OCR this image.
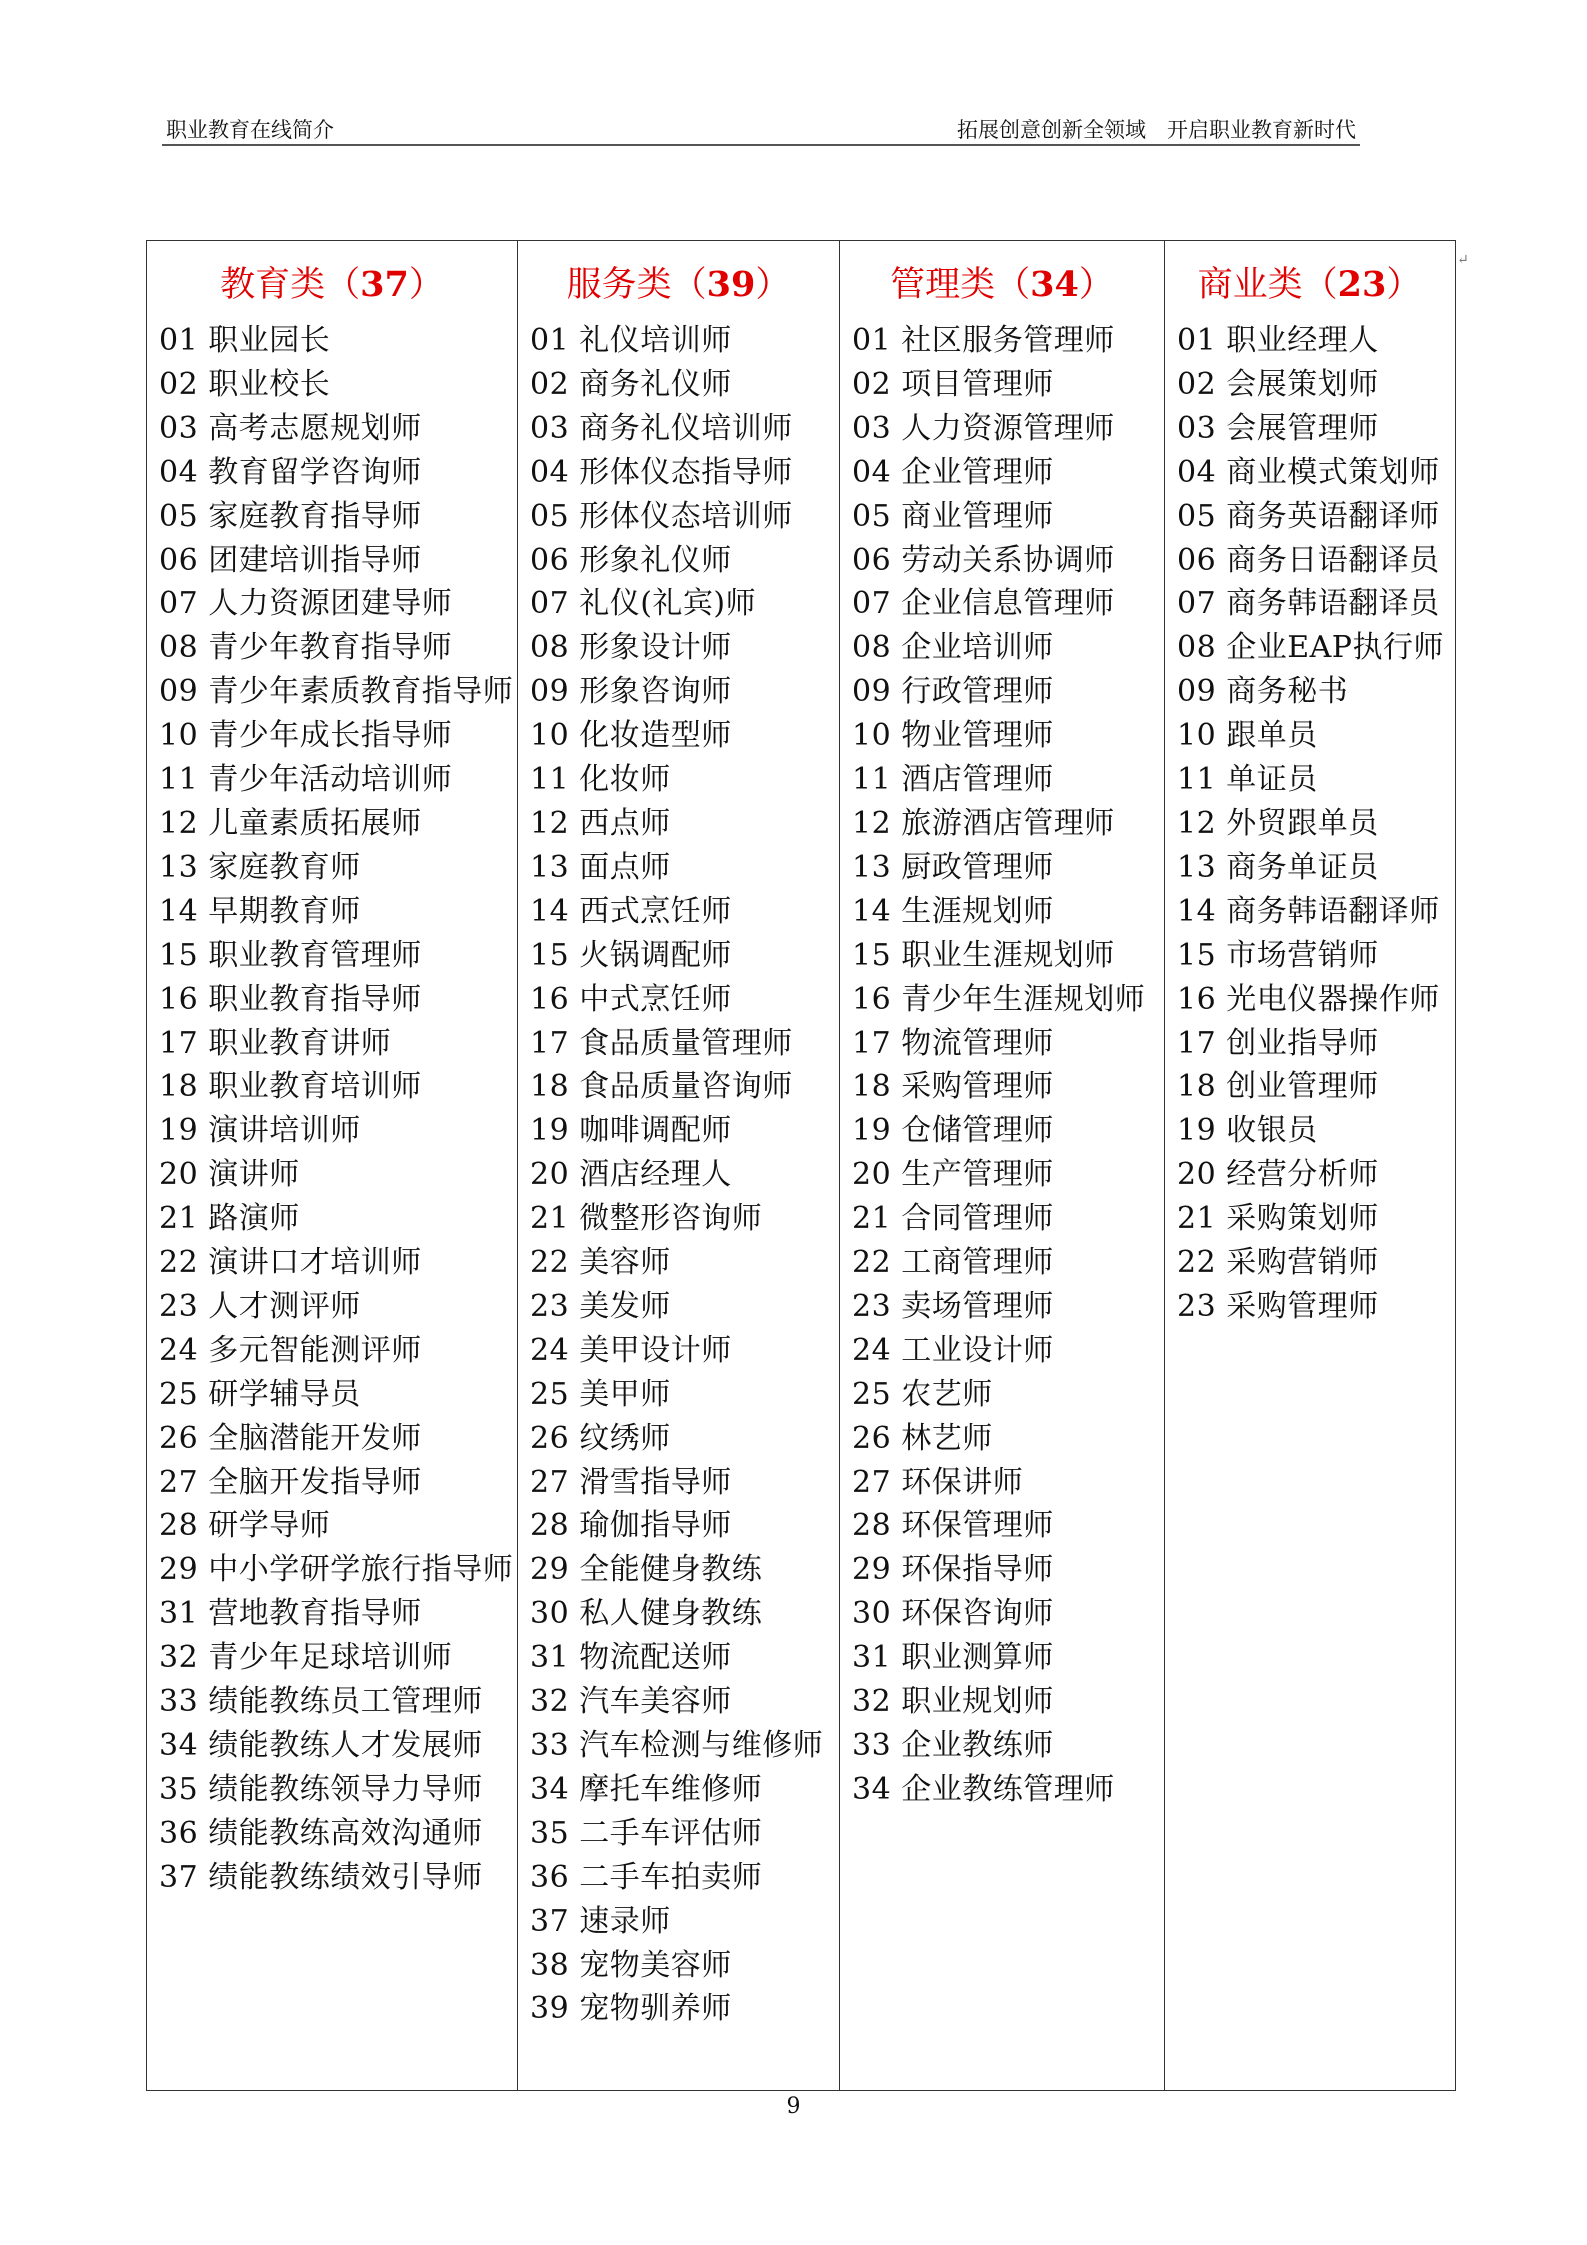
职业教育在线简介	拓展创意创新全领域　开启职业教育新时代
教育类（37）
01 职业园长
02 职业校长
03 高考志愿规划师
04 教育留学咨询师
05 家庭教育指导师
06 团建培训指导师
07 人力资源团建导师
08 青少年教育指导师
09 青少年素质教育指导师
10 青少年成长指导师
11 青少年活动培训师
12 儿童素质拓展师
13 家庭教育师
14 早期教育师
15 职业教育管理师
16 职业教育指导师
17 职业教育讲师
18 职业教育培训师
19 演讲培训师
20 演讲师
21 路演师
22 演讲口才培训师
23 人才测评师
24 多元智能测评师
25 研学辅导员
26 全脑潜能开发师
27 全脑开发指导师
28 研学导师
29 中小学研学旅行指导师
31 营地教育指导师
32 青少年足球培训师
33 绩能教练员工管理师
34 绩能教练人才发展师
35 绩能教练领导力导师
36 绩能教练高效沟通师
37 绩能教练绩效引导师
服务类（39）
01 礼仪培训师
02 商务礼仪师
03 商务礼仪培训师
04 形体仪态指导师
05 形体仪态培训师
06 形象礼仪师
07 礼仪(礼宾)师
08 形象设计师
09 形象咨询师
10 化妆造型师
11 化妆师
12 西点师
13 面点师
14 西式烹饪师
15 火锅调配师
16 中式烹饪师
17 食品质量管理师
18 食品质量咨询师
19 咖啡调配师
20 酒店经理人
21 微整形咨询师
22 美容师
23 美发师
24 美甲设计师
25 美甲师
26 纹绣师
27 滑雪指导师
28 瑜伽指导师
29 全能健身教练
30 私人健身教练
31 物流配送师
32 汽车美容师
33 汽车检测与维修师
34 摩托车维修师
35 二手车评估师
36 二手车拍卖师
37 速录师
38 宠物美容师
39 宠物驯养师
管理类（34）
01 社区服务管理师
02 项目管理师
03 人力资源管理师
04 企业管理师
05 商业管理师
06 劳动关系协调师
07 企业信息管理师
08 企业培训师
09 行政管理师
10 物业管理师
11 酒店管理师
12 旅游酒店管理师
13 厨政管理师
14 生涯规划师
15 职业生涯规划师
16 青少年生涯规划师
17 物流管理师
18 采购管理师
19 仓储管理师
20 生产管理师
21 合同管理师
22 工商管理师
23 卖场管理师
24 工业设计师
25 农艺师
26 林艺师
27 环保讲师
28 环保管理师
29 环保指导师
30 环保咨询师
31 职业测算师
32 职业规划师
33 企业教练师
34 企业教练管理师
商业类（23）
01 职业经理人
02 会展策划师
03 会展管理师
04 商业模式策划师
05 商务英语翻译师
06 商务日语翻译员
07 商务韩语翻译员
08 企业EAP执行师
09 商务秘书
10 跟单员
11 单证员
12 外贸跟单员
13 商务单证员
14 商务韩语翻译师
15 市场营销师
16 光电仪器操作师
17 创业指导师
18 创业管理师
19 收银员
20 经营分析师
21 采购策划师
22 采购营销师
23 采购管理师
↵
9
